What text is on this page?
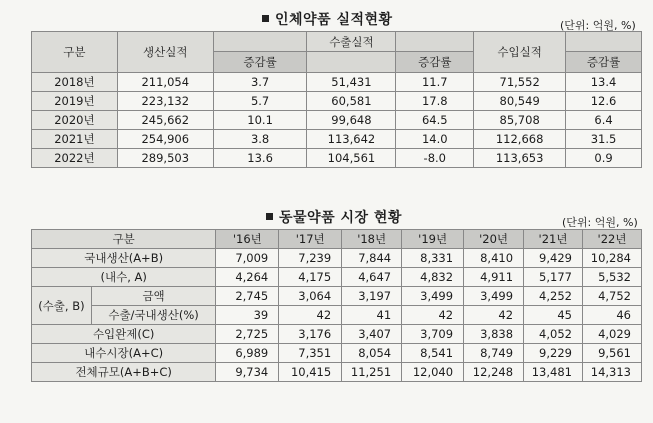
인체약품 실적현황	(단위: 억원, %)
구분	생산실적		수출실적		수입실적	
		증감률		증감률		증감률
2018년	211,054	3.7	51,431	11.7	71,552	13.4
2019년	223,132	5.7	60,581	17.8	80,549	12.6
2020년	245,662	10.1	99,648	64.5	85,708	6.4
2021년	254,906	3.8	113,642	14.0	112,668	31.5
2022년	289,503	13.6	104,561	-8.0	113,653	0.9
동물약품 시장 현황	(단위: 억원, %)
구분		'16년	'17년	'18년	'19년	'20년	'21년	'22년
국내생산(A+B)		7,009	7,239	7,844	8,331	8,410	9,429	10,284
(내수, A)		4,264	4,175	4,647	4,832	4,911	5,177	5,532
(수출, B)	금액	2,745	3,064	3,197	3,499	3,499	4,252	4,752
	수출/국내생산(%)	39	42	41	42	42	45	46
수입완제(C)		2,725	3,176	3,407	3,709	3,838	4,052	4,029
내수시장(A+C)		6,989	7,351	8,054	8,541	8,749	9,229	9,561
전체규모(A+B+C)		9,734	10,415	11,251	12,040	12,248	13,481	14,313
